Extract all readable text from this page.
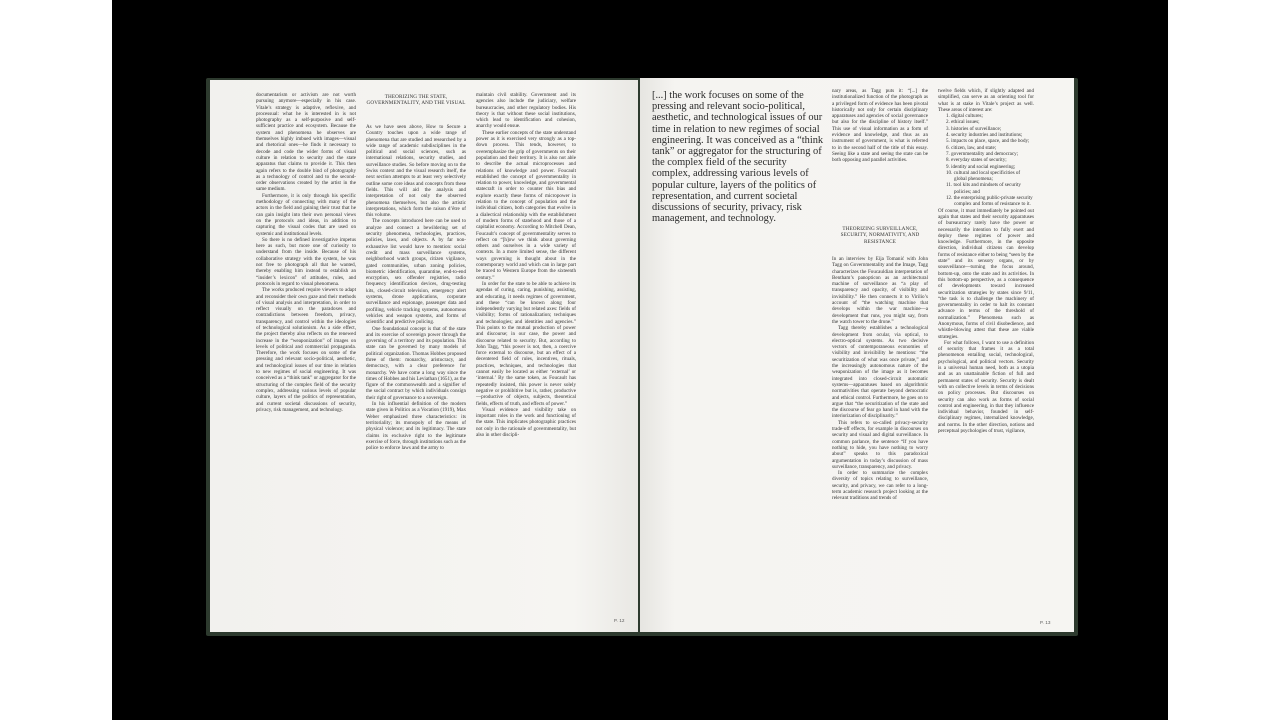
documentarism or activism are not worth pursuing anymore—especially in his case. Vitale’s strategy is adaptive, reflexive, and processual: what he is interested in is not photography as a self-purposive and self-sufficient practice and ecosystem. Because the system and phenomena he observes are themselves highly imbued with images—visual and rhetorical ones—he finds it necessary to decode and code the wider forms of visual culture in relation to security and the state apparatus that claims to provide it. This then again refers to the double bind of photography as a technology of control and to the second-order observations created by the artist in the same medium.

Furthermore, it is only through his specific methodology of connecting with many of the actors in the field and gaining their trust that he can gain insight into their own personal views on the protocols and ideas, in addition to capturing the visual codes that are used on systemic and institutional levels.

So there is no defined investigative impetus here as such, but more one of curiosity to understand from the inside. Because of his collaborative strategy with the system, he was not free to photograph all that he wanted, thereby enabling him instead to establish an “insider’s lexicon” of attitudes, rules, and protocols in regard to visual phenomena.

The works produced require viewers to adapt and reconsider their own gaze and their methods of visual analysis and interpretation, in order to reflect visually on the paradoxes and contradictions between freedom, privacy, transparency, and control within the ideologies of technological solutionism. As a side effect, the project thereby also reflects on the renewed increase in the “weaponization” of images on levels of political and commercial propaganda. Therefore, the work focuses on some of the pressing and relevant socio-political, aesthetic, and technological issues of our time in relation to new regimes of social engineering. It was conceived as a “think tank” or aggregator for the structuring of the complex field of the security complex, addressing various levels of popular culture, layers of the politics of representation, and current societal discussions of security, privacy, risk management, and technology.

THEORIZING THE STATE, GOVERNMENTALITY, AND THE VISUAL

As we have seen above, How to Secure a Country touches upon a wide range of phenomena that are studied and researched by a wide range of academic subdisciplines in the political and social sciences, such as international relations, security studies, and surveillance studies. So before moving on to the Swiss context and the visual research itself, the next section attempts to at least very selectively outline some core ideas and concepts from these fields. This will aid the analysis and interpretation of not only the observed phenomena themselves, but also the artistic interpretations, which form the raison d’être of this volume.

The concepts introduced here can be used to analyze and connect a bewildering set of security phenomena, technologies, practices, policies, laws, and objects. A by far non-exhaustive list would have to mention: social credit and mass surveillance systems, neighborhood watch groups, citizen vigilance, gated communities, urban zoning policies, biometric identification, quarantine, end-to-end encryption, sex offender registries, radio frequency identification devices, drug-testing kits, closed-circuit television, emergency alert systems, drone applications, corporate surveillance and espionage, passenger data and profiling, vehicle tracking systems, autonomous vehicles and weapon systems, and forms of scientific and predictive policing.

One foundational concept is that of the state and its exercise of sovereign power through the governing of a territory and its population. This state can be governed by many models of political organization. Thomas Hobbes proposed three of them: monarchy, aristocracy, and democracy, with a clear preference for monarchy. We have come a long way since the times of Hobbes and his Leviathan (1651), as the figure of the commonwealth and a signifier of the social contract by which individuals consign their right of governance to a sovereign.

In his influential definition of the modern state given in Politics as a Vocation (1919), Max Weber emphasized three characteristics: its territoriality; its monopoly of the means of physical violence; and its legitimacy. The state claims its exclusive right to the legitimate exercise of force, through institutions such as the police to enforce laws and the army to

maintain civil stability. Government and its agencies also include the judiciary, welfare bureaucracies, and other regulatory bodies. His theory is that without these social institutions, which lead to identification and cohesion, anarchy would ensue.

These earlier concepts of the state understand power as it is exercised very strongly as a top-down process. This tends, however, to overemphasize the grip of governments on their population and their territory. It is also not able to describe the actual microprocesses and relations of knowledge and power. Foucault established the concept of governmentality in relation to power, knowledge, and governmental statecraft in order to counter this bias and explore exactly these forms of micropower in relation to the concept of population and the individual citizen, both categories that evolve in a dialectical relationship with the establishment of modern forms of statehood and those of a capitalist economy. According to Mitchell Dean, Foucault’s concept of governmentality serves to reflect on “[h]ow we think about governing others and ourselves in a wide variety of contexts. In a more limited sense, the different ways governing is thought about in the contemporary world and which can in large part be traced to Western Europe from the sixteenth century.”

In order for the state to be able to achieve its agendas of curing, caring, punishing, assisting, and educating, it needs regimes of government, and these “can be known along four independently varying but related axes: fields of visibility; forms of rationalization; techniques and technologies; and identities and agencies.” This points to the mutual production of power and discourse; in our case, the power and discourse related to security. But, according to John Tagg, “this power is not, then, a coercive force external to discourse, but an effect of a decentered field of rules, incentives, rituals, practices, techniques, and technologies that cannot easily be located as either ‘external’ or ‘internal.’ By the same token, as Foucault has repeatedly insisted, this power is never solely negative or prohibitive but is, rather, productive—productive of objects, subjects, theoretical fields, effects of truth, and effects of power.”

Visual evidence and visibility take on important roles in the work and functioning of the state. This implicates photographic practices not only in the rationale of governmentality, but also in other discipli-

P. 12
[...] the work focuses on some of the pressing and relevant socio-political, aesthetic, and technological issues of our time in relation to new regimes of social engineering. It was conceived as a “think tank” or aggregator for the structuring of the complex field of the security complex, addressing various levels of popular culture, layers of the politics of representation, and current societal discussions of security, privacy, risk management, and technology.

nary areas, as Tagg puts it: “[...] the institutionalized function of the photograph as a privileged form of evidence has been pivotal historically not only for certain disciplinary apparatuses and agencies of social governance but also for the discipline of history itself.” This use of visual information as a form of evidence and knowledge, and thus as an instrument of government, is what is referred to in the second half of the title of this essay. Seeing like a state and seeing the state can be both opposing and parallel activities.

THEORIZING SURVEILLANCE, SECURITY, NORMATIVITY, AND RESISTANCE

In an interview by Eija Tomanić with John Tagg on Governmentality and the Image, Tagg characterizes the Foucauldian interpretation of Bentham’s panopticon as an architectural machine of surveillance as “a play of transparency and opacity, of visibility and invisibility.” He then connects it to Virilio’s account of “the watching machine that develops within the war machine—a development that runs, you might say, from the watch tower to the drone.”

Tagg thereby establishes a technological development from ocular, via optical, to electro-optical systems. As two decisive vectors of contemporaneous economies of visibility and invisibility he mentions: “the securitization of what was once private,” and the increasingly autonomous nature of the weaponization of the image as it becomes integrated into closed-circuit automatic systems—apparatuses based on algorithmic normativities that operate beyond democratic and ethical control. Furthermore, he goes on to argue that “the securitization of the state and the discourse of fear go hand in hand with the interiorization of disciplinarity.”

This refers to so-called privacy-security trade-off effects, for example in discourses on security and visual and digital surveillance. In common parlance, the sentence “If you have nothing to hide, you have nothing to worry about” speaks to this paradoxical argumentation in today’s discussion of mass surveillance, transparency, and privacy.

In order to summarize the complex diversity of topics relating to surveillance, security, and privacy, we can refer to a long-term academic research project looking at the relevant traditions and trends of

twelve fields which, if slightly adapted and simplified, can serve as an orienting tool for what is at stake in Vitale’s project as well. These areas of interest are:

1. digital cultures;
2. ethical issues;
3. histories of surveillance;
4. security industries and institutions;
5. impacts on place, space, and the body;
6. citizen, law, and state;
7. governmentality and democracy;
8. everyday states of security;
9. identity and social engineering;
10. cultural and local specificities of global phenomena;
11. tool kits and mindsets of security policies; and
12. the enterprising public-private security complex and forms of resistance to it.

Of course, it must immediately be pointed out again that states and their security apparatuses of bureaucracy rarely have the power or necessarily the intention to fully exert and deploy these regimes of power and knowledge. Furthermore, in the opposite direction, individual citizens can develop forms of resistance either to being “seen by the state” and its sensory organs, or by sousveillance—turning the focus around, bottom-up, onto the state and its activities. In this bottom-up perspective, as a consequence of developments toward increased securitization strategies by states since 9/11, “the task is to challenge the machinery of governmentality in order to halt its constant advance in terms of the threshold of normalization.” Phenomena such as Anonymous, forms of civil disobedience, and whistle-blowing attest that these are viable strategies.

For what follows, I want to use a definition of security that frames it as a total phenomenon entailing social, technological, psychological, and political vectors. Security is a universal human need, both as a utopia and as an unattainable fiction of full and permanent states of security. Security is dealt with on collective levels in terms of decisions on policy processes. But discourses on security can also work as forms of social control and engineering, in that they influence individual behavior, founded in self-disciplinary regimes, internalized knowledge, and norms. In the other direction, notions and perceptual psychologies of trust, vigilance,

P. 13
